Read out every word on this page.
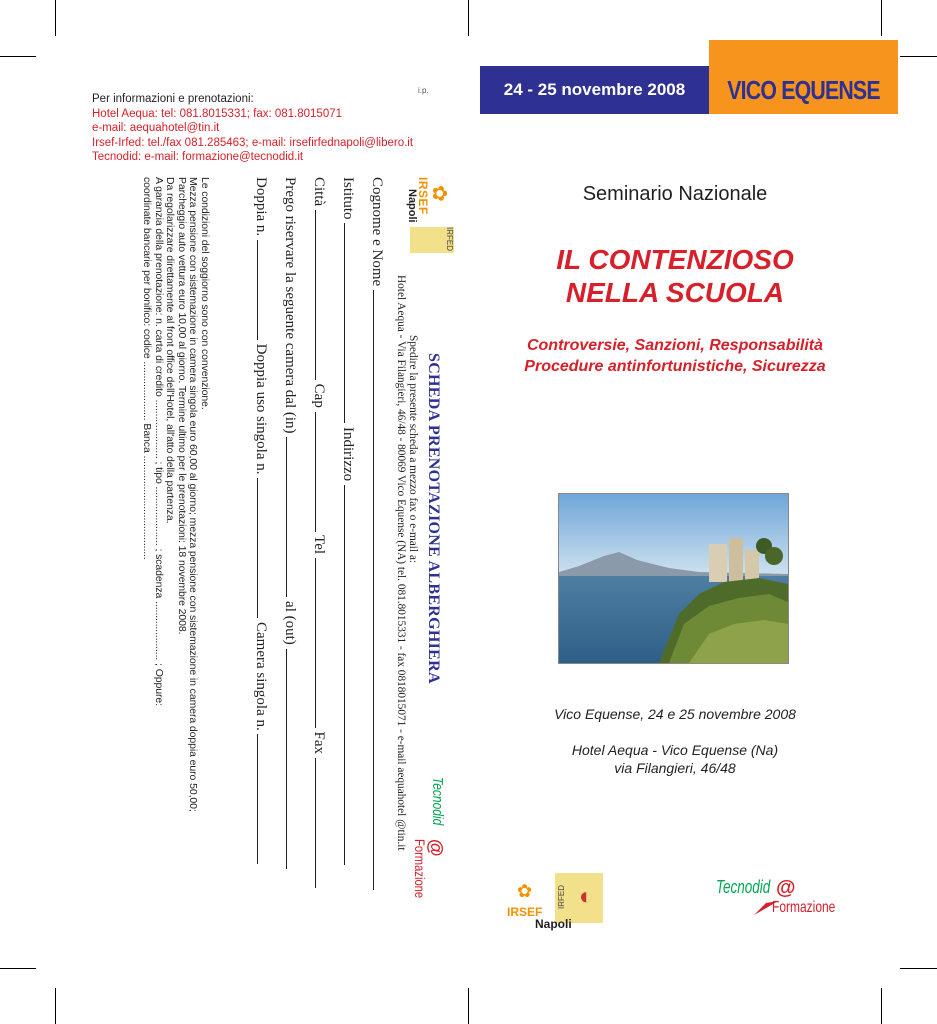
i.p.
Per informazioni e prenotazioni:
Hotel Aequa: tel: 081.8015331; fax: 081.8015071
e-mail: aequahotel@tin.it
Irsef-Irfed: tel./fax 081.285463; e-mail: irsefirfednapoli@libero.it
Tecnodid: e-mail: formazione@tecnodid.it
IRFED
✿
IRSEF
Napoli
SCHEDA PRENOTAZIONE ALBERGHIERA
Spedire la presente scheda a mezzo fax o e-mail a:
Hotel Aequa - Via Filangieri, 46/48 - 80069 Vico Equense (NA) tel. 081.8015331 - fax 0818015071 - e-mail aequahotel @tin.it Tecnodid
@
Formazione
Cognome e Nome
Istituto  Indirizzo
Città  Cap  Tel  Fax
Prego riservare la seguente camera dal (in)  al (out)
Doppia n.  Doppia uso singola n.  Camera singola n.
Le condizioni del soggiorno sono con convenzione.
Mezza pensione con sistemazione in camera singola euro 60,00 al giorno; mezza pensione con sistemazione in camera doppia euro 50,00;
Parcheggio auto vettura euro 10,00 al giorno. Termine ultimo per le prenotazioni: 18 novembre 2008.
Da regolarizzare direttamente al front office dell'Hotel, all'atto della partenza.
A garanzia della prenotazione: n. carta di credito ..................... ; tipo ..................... ; scadenza ..................... ; Oppure:
coordinate bancarie per bonifico: codice ..................... Banca .....................................
24 - 25 novembre 2008	VICO EQUENSE
Seminario Nazionale
IL CONTENZIOSO
NELLA SCUOLA
Controversie, Sanzioni, Responsabilità
Procedure antinfortunistiche, Sicurezza
Vico Equense, 24 e 25 novembre 2008
Hotel Aequa - Vico Equense (Na)
via Filangieri, 46/48
IRFED ◐
✿
IRSEF
Napoli
Tecnodid @
Formazione
